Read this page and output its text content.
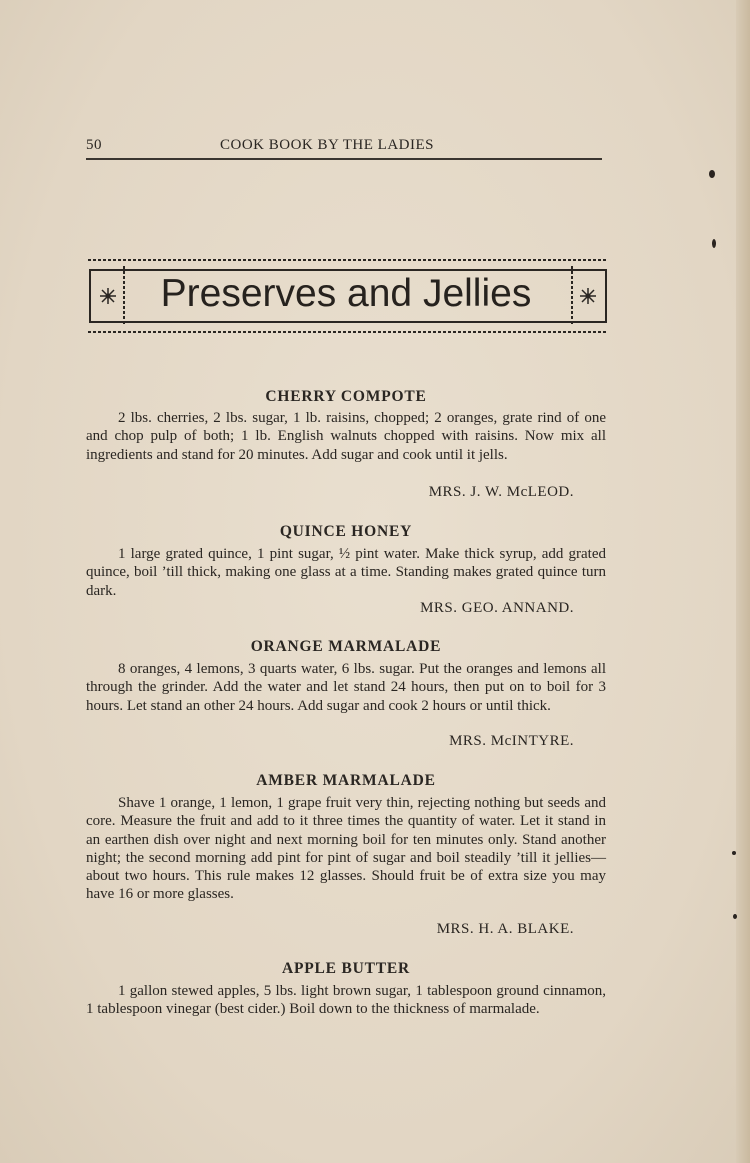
50	COOK BOOK BY THE LADIES
Preserves and Jellies
CHERRY COMPOTE
2 lbs. cherries, 2 lbs. sugar, 1 lb. raisins, chopped; 2 oranges, grate rind of one and chop pulp of both; 1 lb. English walnuts chopped with raisins. Now mix all ingredients and stand for 20 minutes. Add sugar and cook until it jells.
MRS. J. W. McLEOD.
QUINCE HONEY
1 large grated quince, 1 pint sugar, ½ pint water. Make thick syrup, add grated quince, boil ’till thick, making one glass at a time. Standing makes grated quince turn dark.
MRS. GEO. ANNAND.
ORANGE MARMALADE
8 oranges, 4 lemons, 3 quarts water, 6 lbs. sugar. Put the oranges and lemons all through the grinder. Add the water and let stand 24 hours, then put on to boil for 3 hours. Let stand an other 24 hours. Add sugar and cook 2 hours or until thick.
MRS. McINTYRE.
AMBER MARMALADE
Shave 1 orange, 1 lemon, 1 grape fruit very thin, rejecting nothing but seeds and core. Measure the fruit and add to it three times the quantity of water. Let it stand in an earthen dish over night and next morning boil for ten minutes only. Stand another night; the second morning add pint for pint of sugar and boil steadily ’till it jellies—about two hours. This rule makes 12 glasses. Should fruit be of extra size you may have 16 or more glasses.
MRS. H. A. BLAKE.
APPLE BUTTER
1 gallon stewed apples, 5 lbs. light brown sugar, 1 tablespoon ground cinnamon, 1 tablespoon vinegar (best cider.) Boil down to the thickness of marmalade.
